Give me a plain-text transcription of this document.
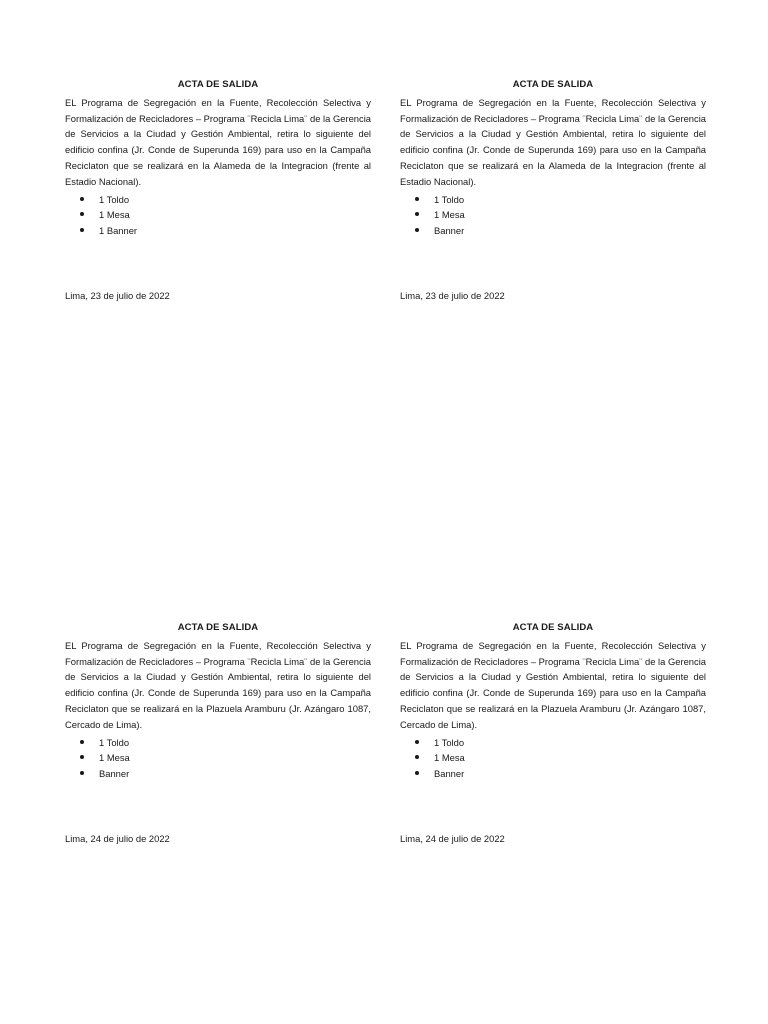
ACTA DE SALIDA

EL Programa de Segregación en la Fuente, Recolección Selectiva y Formalización de Recicladores – Programa ¨Recicla Lima¨ de la Gerencia de Servicios a la Ciudad y Gestión Ambiental, retira lo siguiente del edificio confina (Jr. Conde de Superunda 169) para uso en la Campaña Reciclaton que se realizará en la Alameda de la Integracion (frente al Estadio Nacional).

1 Toldo
1 Mesa
1 Banner
Lima, 23 de julio de 2022
ACTA DE SALIDA

EL Programa de Segregación en la Fuente, Recolección Selectiva y Formalización de Recicladores – Programa ¨Recicla Lima¨ de la Gerencia de Servicios a la Ciudad y Gestión Ambiental, retira lo siguiente del edificio confina (Jr. Conde de Superunda 169) para uso en la Campaña Reciclaton que se realizará en la Alameda de la Integracion (frente al Estadio Nacional).

1 Toldo
1 Mesa
Banner
Lima, 23 de julio de 2022
ACTA DE SALIDA

EL Programa de Segregación en la Fuente, Recolección Selectiva y Formalización de Recicladores – Programa ¨Recicla Lima¨ de la Gerencia de Servicios a la Ciudad y Gestión Ambiental, retira lo siguiente del edificio confina (Jr. Conde de Superunda 169) para uso en la Campaña Reciclaton que se realizará en la Plazuela Aramburu (Jr. Azángaro 1087, Cercado de Lima).

1 Toldo
1 Mesa
Banner
Lima, 24 de julio de 2022
ACTA DE SALIDA

EL Programa de Segregación en la Fuente, Recolección Selectiva y Formalización de Recicladores – Programa ¨Recicla Lima¨ de la Gerencia de Servicios a la Ciudad y Gestión Ambiental, retira lo siguiente del edificio confina (Jr. Conde de Superunda 169) para uso en la Campaña Reciclaton que se realizará en la Plazuela Aramburu (Jr. Azángaro 1087, Cercado de Lima).

1 Toldo
1 Mesa
Banner
Lima, 24 de julio de 2022
